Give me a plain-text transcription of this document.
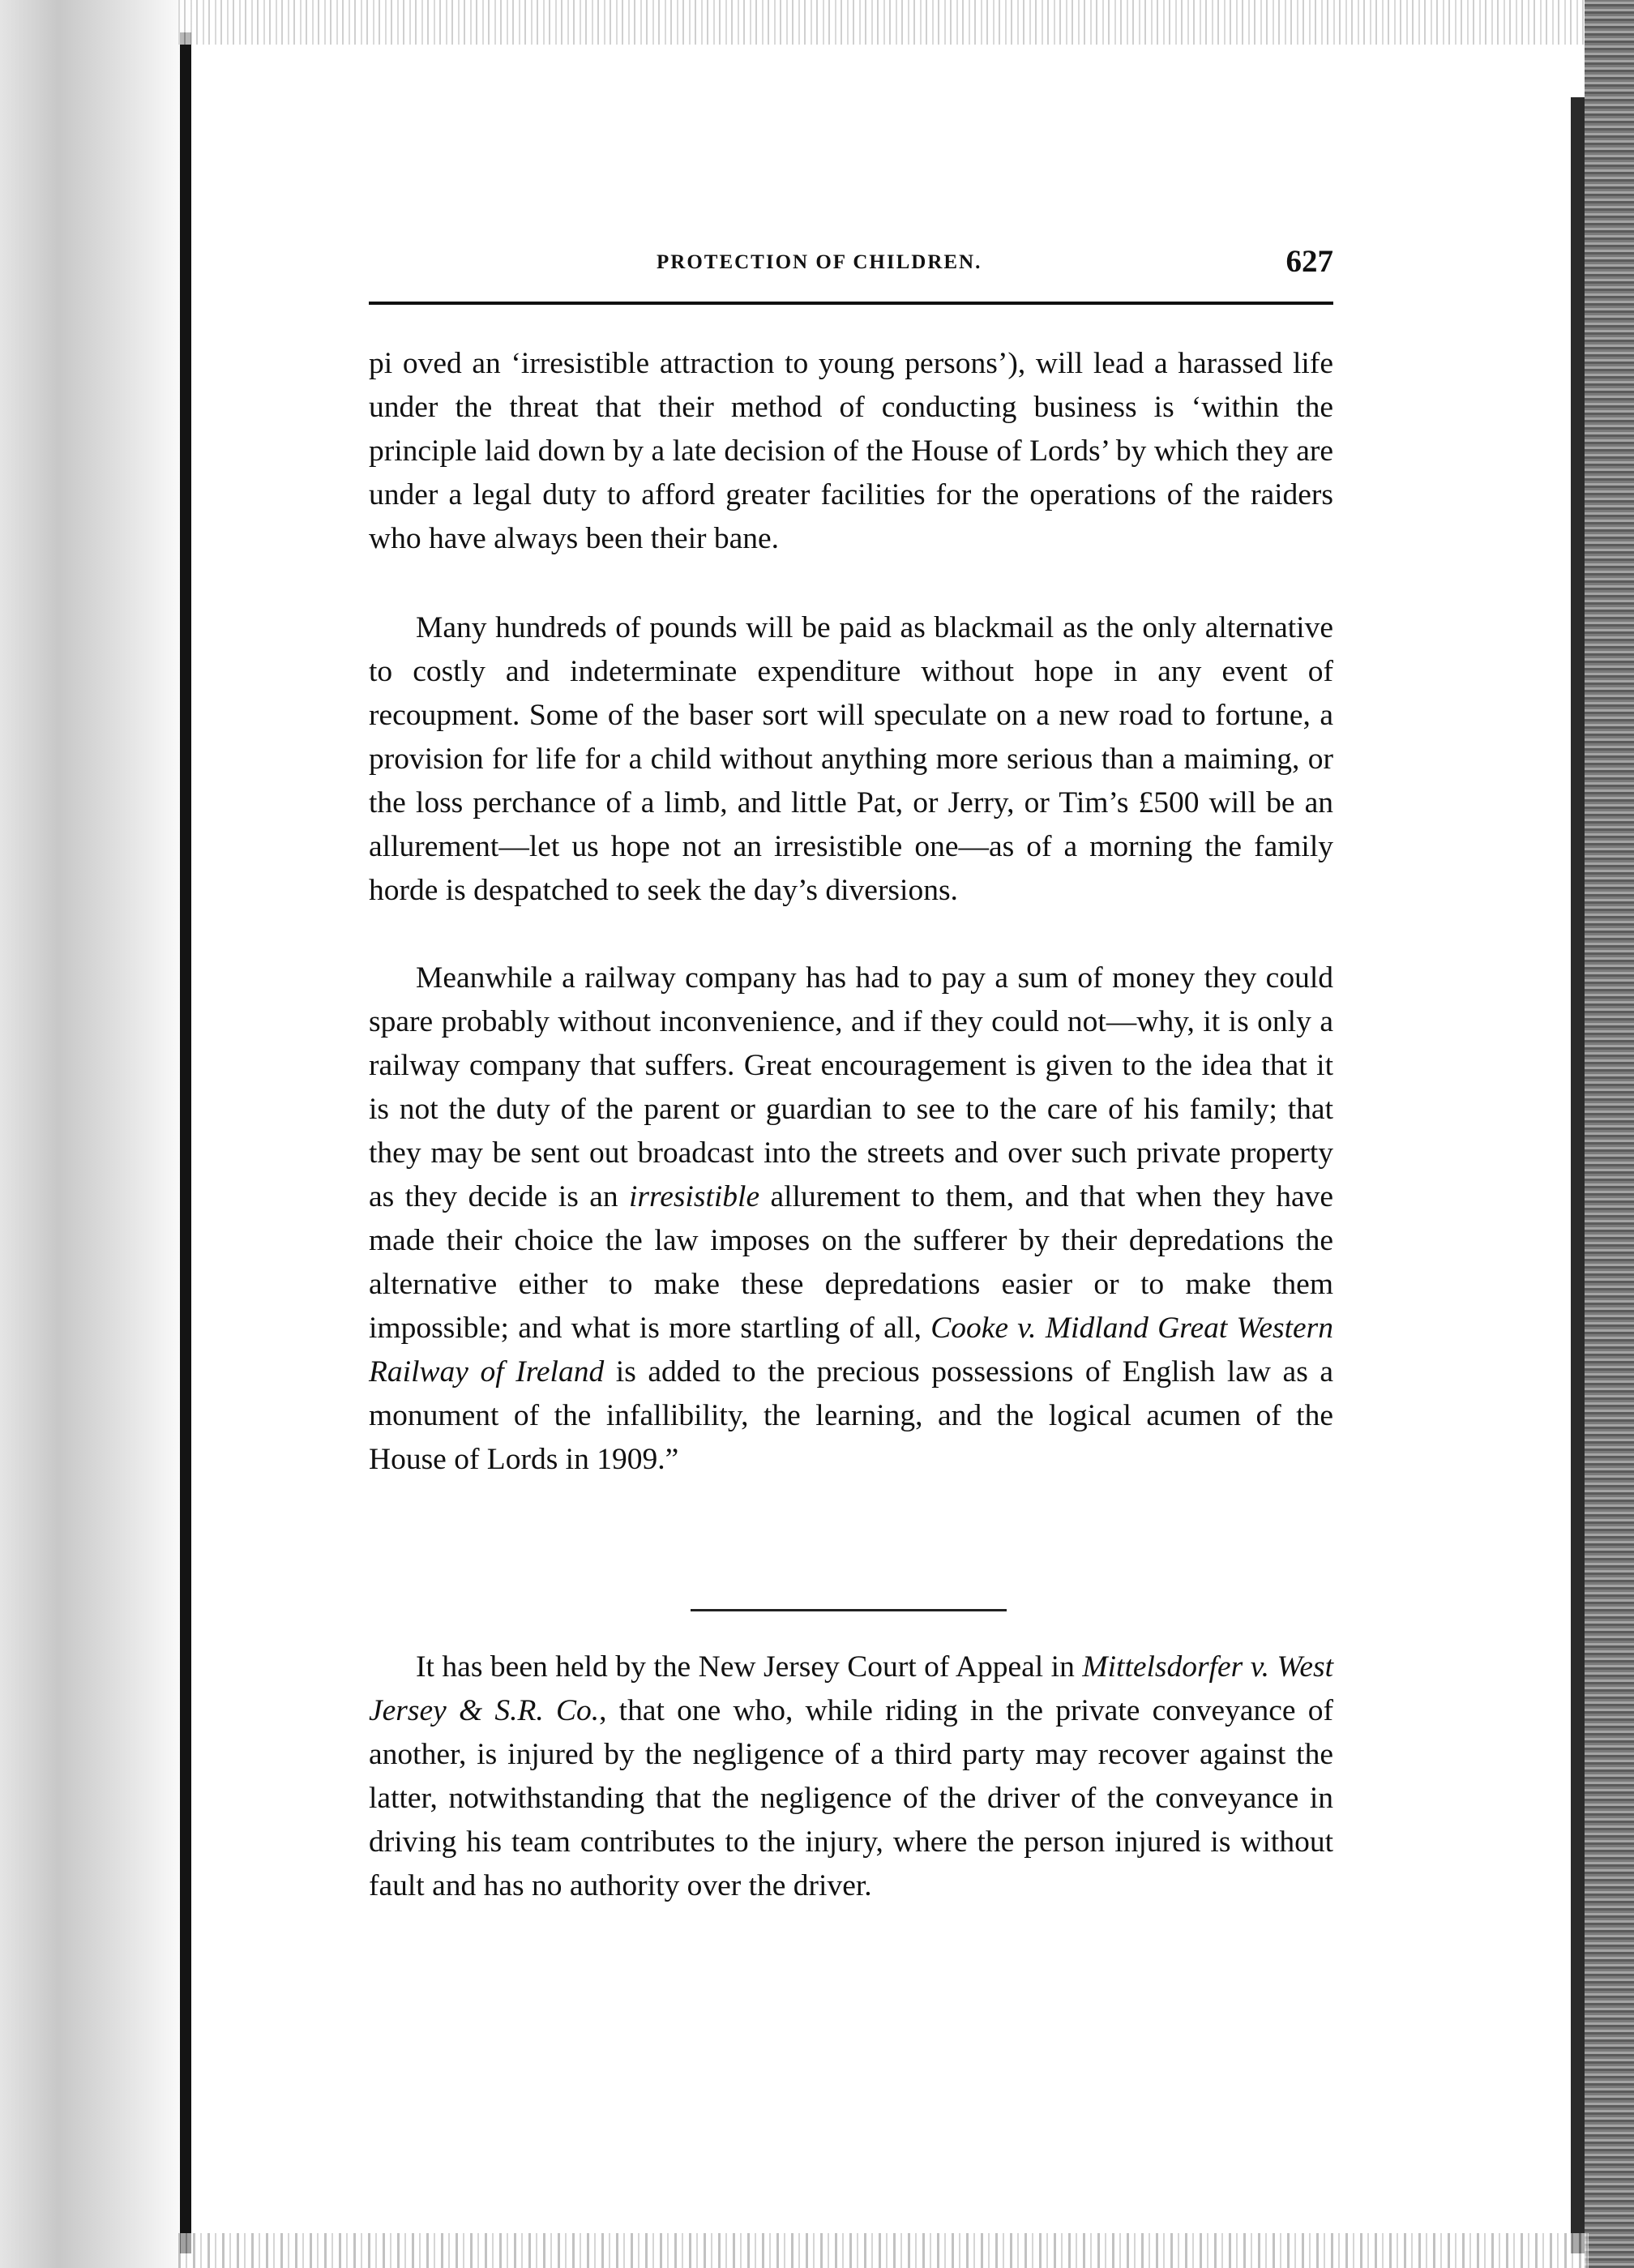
PROTECTION OF CHILDREN.	627

pi oved an ‘irresistible attraction to young persons’), will lead a harassed life under the threat that their method of conducting business is ‘within the principle laid down by a late decision of the House of Lords’ by which they are under a legal duty to afford greater facilities for the operations of the raiders who have always been their bane.

Many hundreds of pounds will be paid as blackmail as the only alternative to costly and indeterminate expenditure without hope in any event of recoupment. Some of the baser sort will speculate on a new road to fortune, a provision for life for a child without anything more serious than a maiming, or the loss perchance of a limb, and little Pat, or Jerry, or Tim’s £500 will be an allurement—let us hope not an irresistible one—as of a morning the family horde is despatched to seek the day’s diversions.

Meanwhile a railway company has had to pay a sum of money they could spare probably without inconvenience, and if they could not—why, it is only a railway company that suffers. Great encouragement is given to the idea that it is not the duty of the parent or guardian to see to the care of his family; that they may be sent out broadcast into the streets and over such private property as they decide is an irresistible allurement to them, and that when they have made their choice the law imposes on the sufferer by their depredations the alternative either to make these depredations easier or to make them impossible; and what is more startling of all, Cooke v. Midland Great Western Railway of Ireland is added to the precious possessions of English law as a monument of the infallibility, the learning, and the logical acumen of the House of Lords in 1909.”

It has been held by the New Jersey Court of Appeal in Mittelsdorfer v. West Jersey & S.R. Co., that one who, while riding in the private conveyance of another, is injured by the negligence of a third party may recover against the latter, notwithstanding that the negligence of the driver of the conveyance in driving his team contributes to the injury, where the person injured is without fault and has no authority over the driver.
